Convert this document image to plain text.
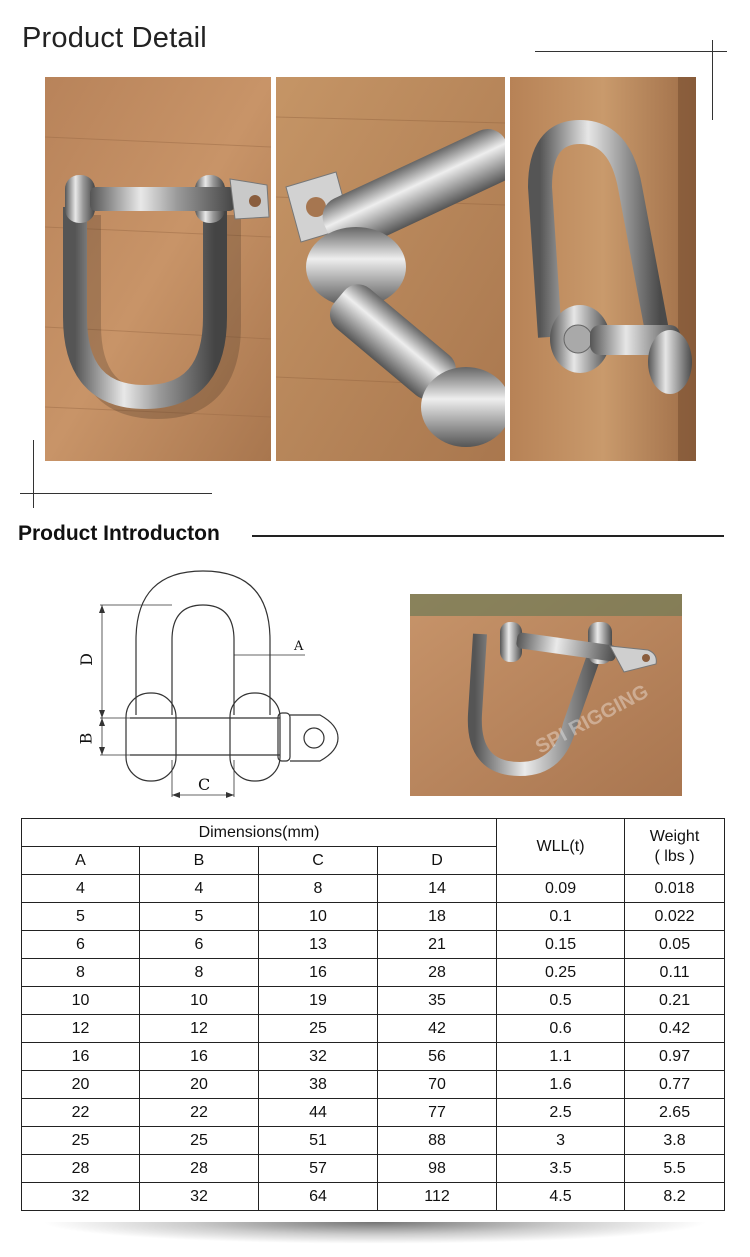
Product Detail
Product Introducton
D
B
C
A
SPI RIGGING
Dimensions(mm)				WLL(t)	Weight
( lbs )

A	B	C	D		
4	4	8	14	0.09	0.018
5	5	10	18	0.1	0.022
6	6	13	21	0.15	0.05
8	8	16	28	0.25	0.11
10	10	19	35	0.5	0.21
12	12	25	42	0.6	0.42
16	16	32	56	1.1	0.97
20	20	38	70	1.6	0.77
22	22	44	77	2.5	2.65
25	25	51	88	3	3.8
28	28	57	98	3.5	5.5
32	32	64	112	4.5	8.2
